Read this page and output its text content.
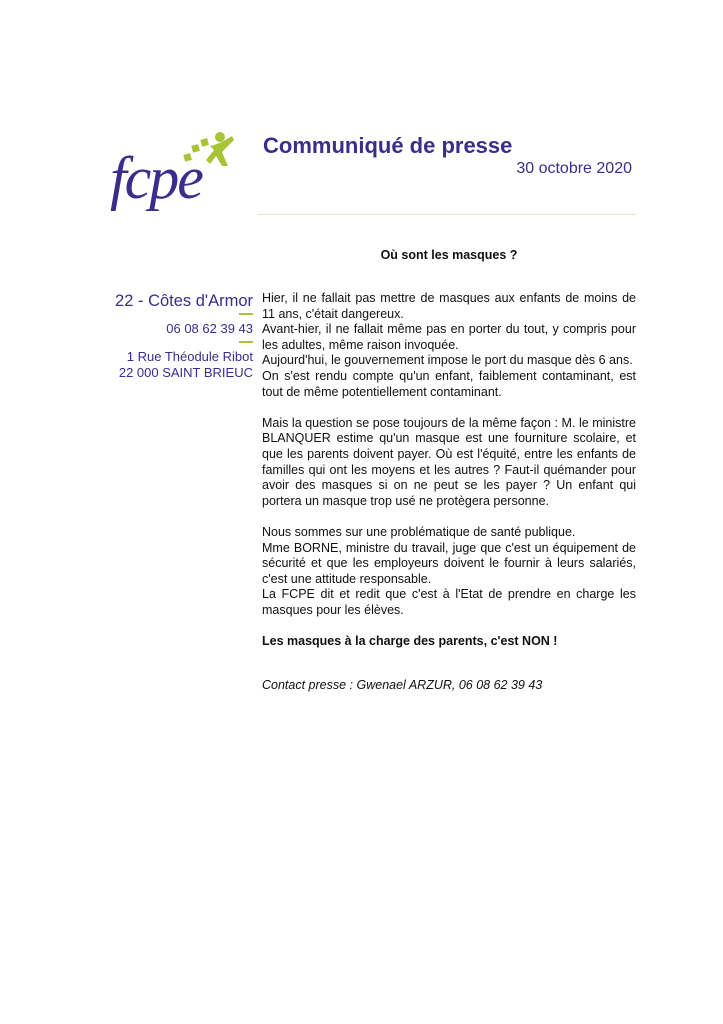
fcpe	Communiqué de presse
30 octobre 2020
Où sont les masques ?
22 - Côtes d'Armor
06 08 62 39 43
1 Rue Théodule Ribot
22 000 SAINT BRIEUC

Hier, il ne fallait pas mettre de masques aux enfants de moins de 11 ans, c'était dangereux.
Avant-hier, il ne fallait même pas en porter du tout, y compris pour les adultes, même raison invoquée.
Aujourd'hui, le gouvernement impose le port du masque dès 6 ans.
On s'est rendu compte qu'un enfant, faiblement contaminant, est tout de même potentiellement contaminant.

Mais la question se pose toujours de la même façon : M. le ministre BLANQUER estime qu'un masque est une fourniture scolaire, et que les parents doivent payer. Où est l'équité, entre les enfants de familles qui ont les moyens et les autres ? Faut-il quémander pour avoir des masques si on ne peut se les payer ? Un enfant qui portera un masque trop usé ne protègera personne.

Nous sommes sur une problématique de santé publique.
Mme BORNE, ministre du travail, juge que c'est un équipement de sécurité et que les employeurs doivent le fournir à leurs salariés, c'est une attitude responsable.
La FCPE dit et redit que c'est à l'Etat de prendre en charge les masques pour les élèves.

Les masques à la charge des parents, c'est NON !

Contact presse : Gwenael ARZUR, 06 08 62 39 43
